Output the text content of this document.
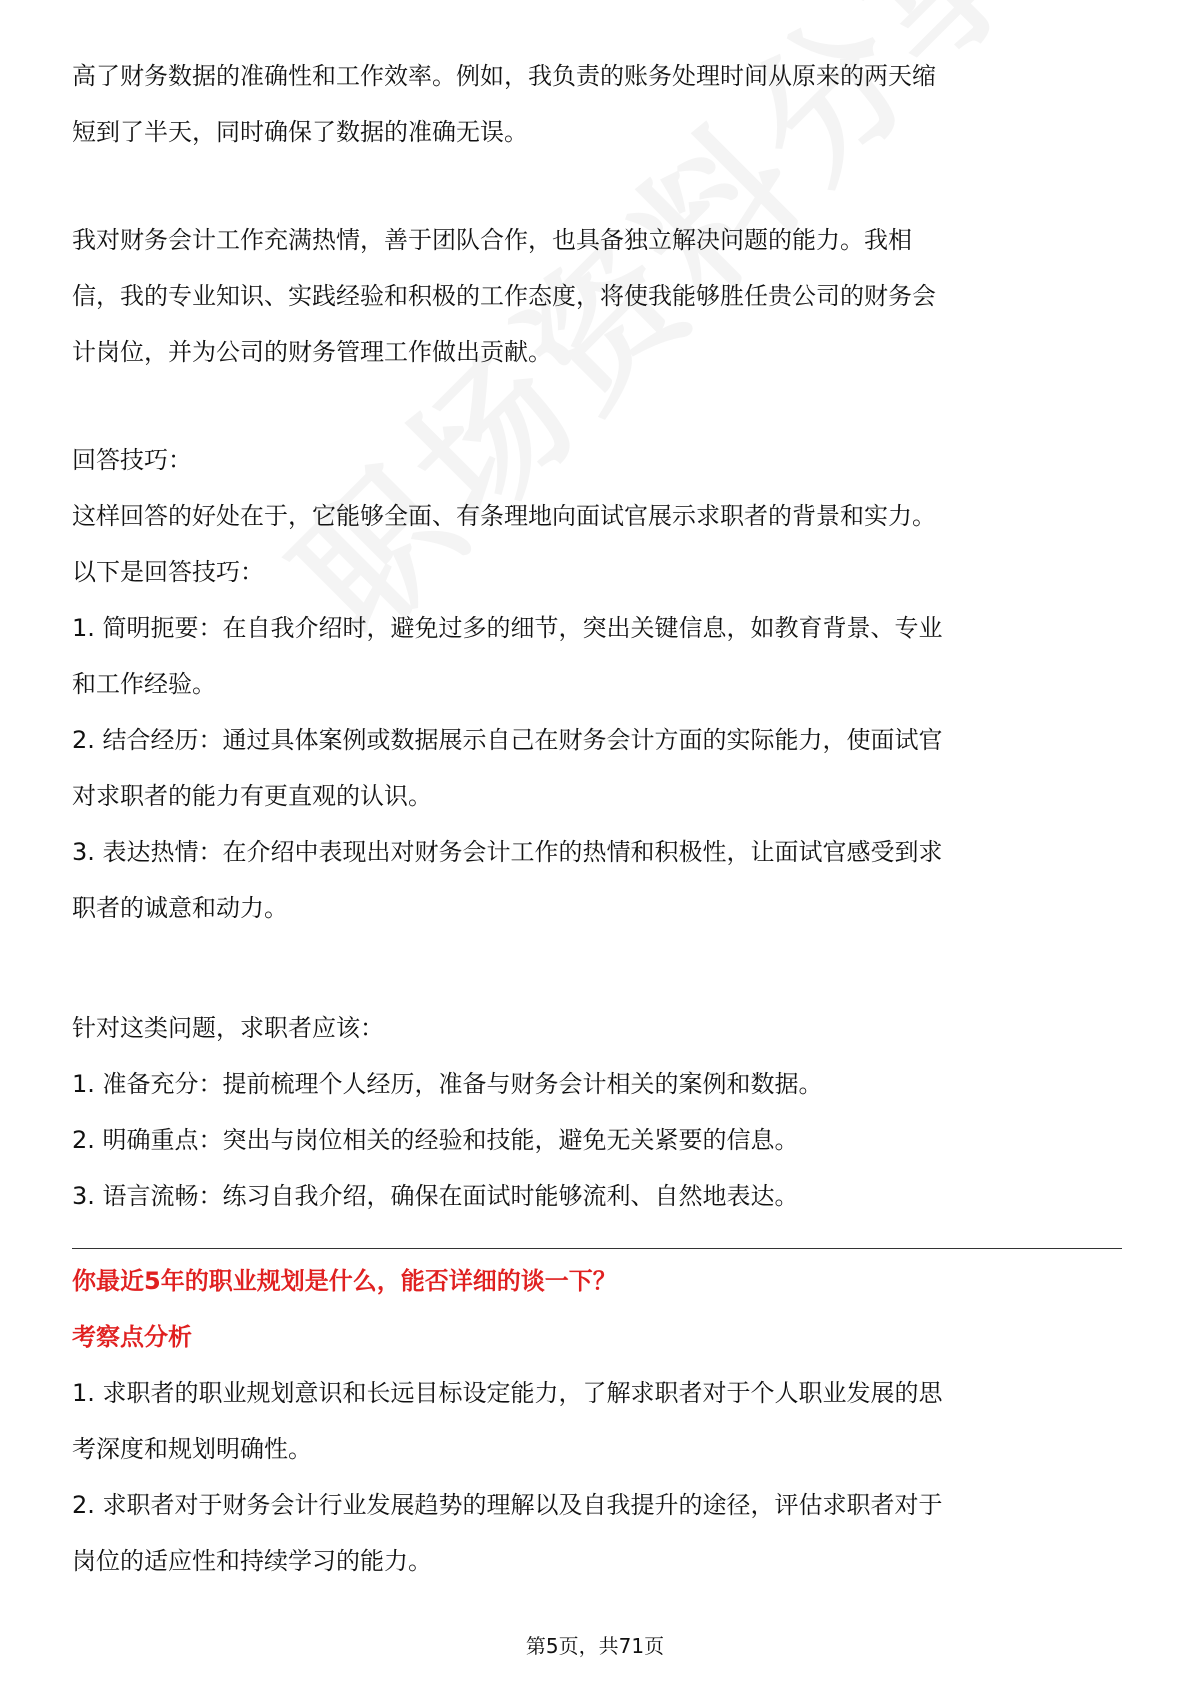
高了财务数据的准确性和工作效率。例如，我负责的账务处理时间从原来的两天缩

短到了半天，同时确保了数据的准确无误。

我对财务会计工作充满热情，善于团队合作，也具备独立解决问题的能力。我相

信，我的专业知识、实践经验和积极的工作态度，将使我能够胜任贵公司的财务会

计岗位，并为公司的财务管理工作做出贡献。

回答技巧：

这样回答的好处在于，它能够全面、有条理地向面试官展示求职者的背景和实力。

以下是回答技巧：

1. 简明扼要：在自我介绍时，避免过多的细节，突出关键信息，如教育背景、专业

和工作经验。

2. 结合经历：通过具体案例或数据展示自己在财务会计方面的实际能力，使面试官

对求职者的能力有更直观的认识。

3. 表达热情：在介绍中表现出对财务会计工作的热情和积极性，让面试官感受到求

职者的诚意和动力。

针对这类问题，求职者应该：

1. 准备充分：提前梳理个人经历，准备与财务会计相关的案例和数据。

2. 明确重点：突出与岗位相关的经验和技能，避免无关紧要的信息。

3. 语言流畅：练习自我介绍，确保在面试时能够流利、自然地表达。

你最近5年的职业规划是什么，能否详细的谈一下？

考察点分析

1. 求职者的职业规划意识和长远目标设定能力，了解求职者对于个人职业发展的思

考深度和规划明确性。

2. 求职者对于财务会计行业发展趋势的理解以及自我提升的途径，评估求职者对于

岗位的适应性和持续学习的能力。

第5页，共71页
